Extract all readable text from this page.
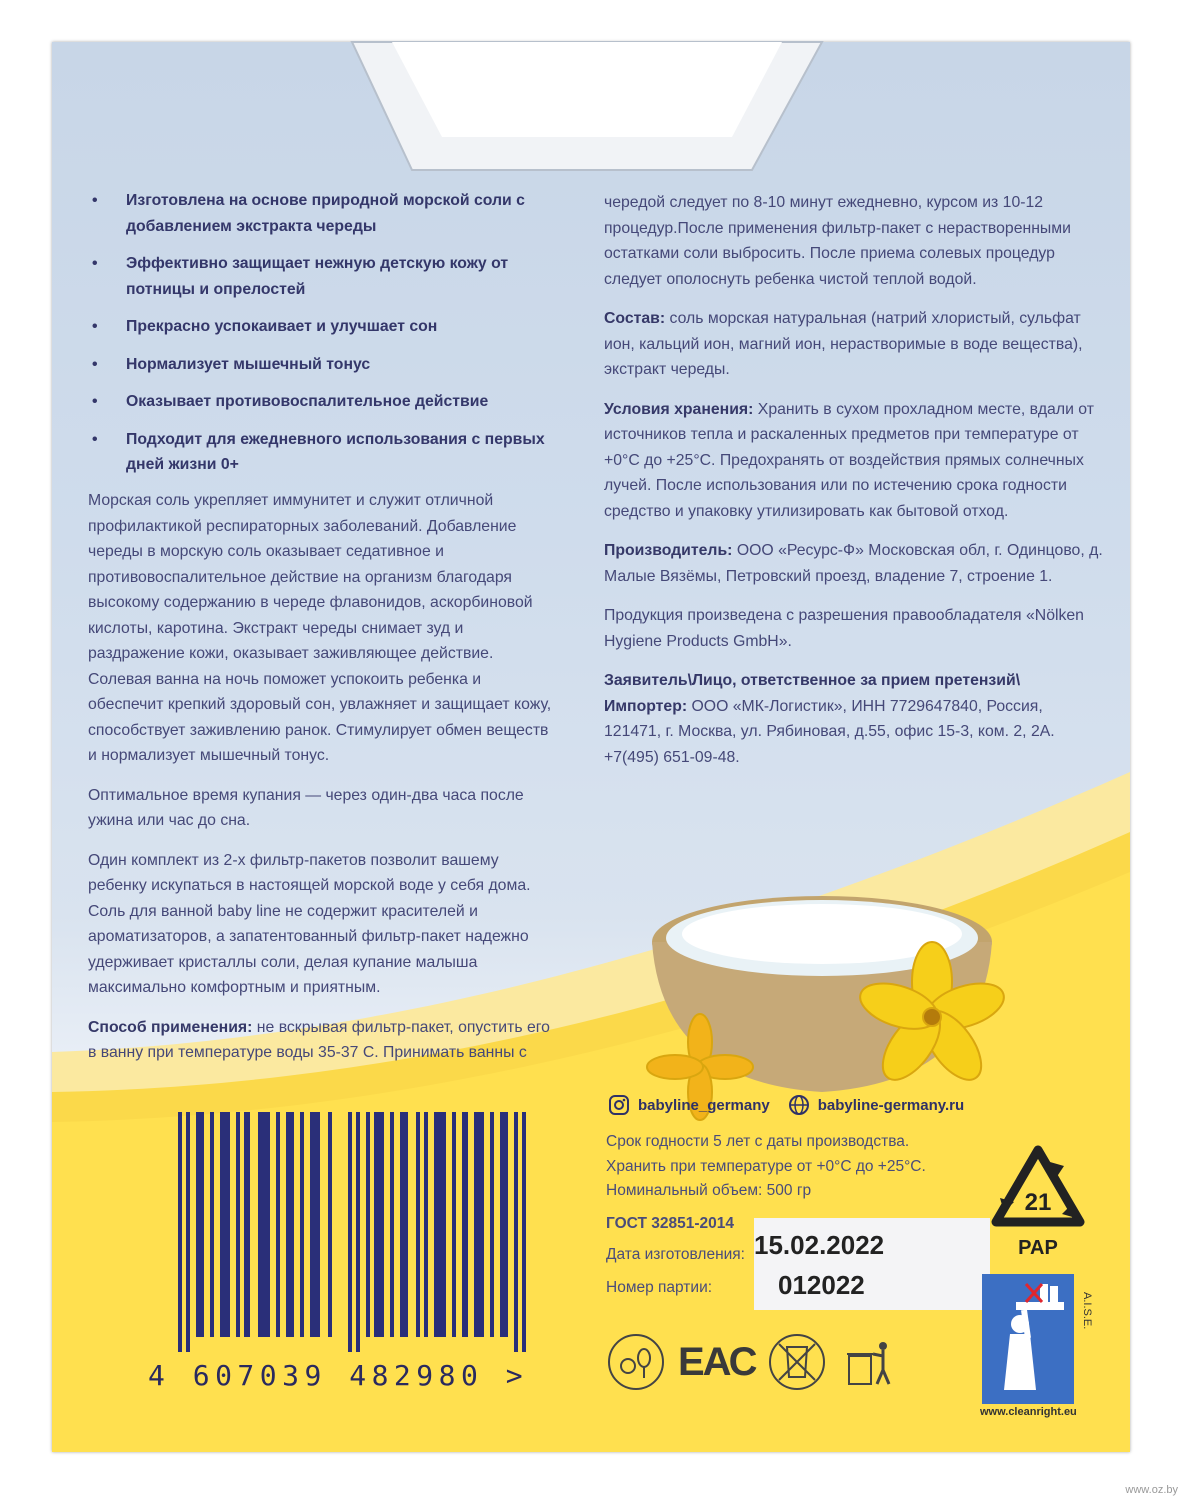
• Изготовлена на основе природной морской соли с добавлением экстракта череды
• Эффективно защищает нежную детскую кожу от потницы и опрелостей
• Прекрасно успокаивает и улучшает сон
• Нормализует мышечный тонус
• Оказывает противовоспалительное действие
• Подходит для ежедневного использования с первых дней жизни 0+

Морская соль укрепляет иммунитет и служит отличной профилактикой респираторных заболеваний. Добавление череды в морскую соль оказывает седативное и противовоспалительное действие на организм благодаря высокому содержанию в череде флавонидов, аскорбиновой кислоты, каротина. Экстракт череды снимает зуд и раздражение кожи, оказывает заживляющее действие. Солевая ванна на ночь поможет успокоить ребенка и обеспечит крепкий здоровый сон, увлажняет и защищает кожу, способствует заживлению ранок. Стимулирует обмен веществ и нормализует мышечный тонус.

Оптимальное время купания — через один-два часа после ужина или час до сна.

Один комплект из 2-х фильтр-пакетов позволит вашему ребенку искупаться в настоящей морской воде у себя дома. Соль для ванной baby line не содержит красителей и ароматизаторов, а запатентованный фильтр-пакет надежно удерживает кристаллы соли, делая купание малыша максимально комфортным и приятным.

Способ применения: не вскрывая фильтр-пакет, опустить его в ванну при температуре воды 35-37 С. Принимать ванны с

чередой следует по 8-10 минут ежедневно, курсом из 10-12 процедур.После применения фильтр-пакет с нерастворенными остатками соли выбросить. После приема солевых процедур следует ополоснуть ребенка чистой теплой водой.

Состав: соль морская натуральная (натрий хлористый, сульфат ион, кальций ион, магний ион, нерастворимые в воде вещества), экстракт череды.

Условия хранения: Хранить в сухом прохладном месте, вдали от источников тепла и раскаленных предметов при температуре от +0°С до +25°С. Предохранять от воздействия прямых солнечных лучей. После использования или по истечению срока годности средство и упаковку утилизировать как бытовой отход.

Производитель: ООО «Ресурс-Ф» Московская обл, г. Одинцово, д. Малые Вязёмы, Петровский проезд, владение 7, строение 1.

Продукция произведена с разрешения правообладателя «Nölken Hygiene Products GmbH».

Заявитель\Лицо, ответственное за прием претензий\ Импортер: ООО «МК-Логистик», ИНН 7729647840, Россия, 121471, г. Москва, ул. Рябиновая, д.55, офис 15-3, ком. 2, 2А. +7(495) 651-09-48.

4 607039 482980 >
babyline_germany	babyline-germany.ru
Срок годности 5 лет с даты производства.
Хранить при температуре от +0°С до +25°С.
Номинальный объем: 500 гр
ГОСТ 32851-2014
15.02.2022
012022
Дата изготовления:
Номер партии:
ЕАС
21
PAP
A.I.S.E.
www.cleanright.eu
www.oz.by
